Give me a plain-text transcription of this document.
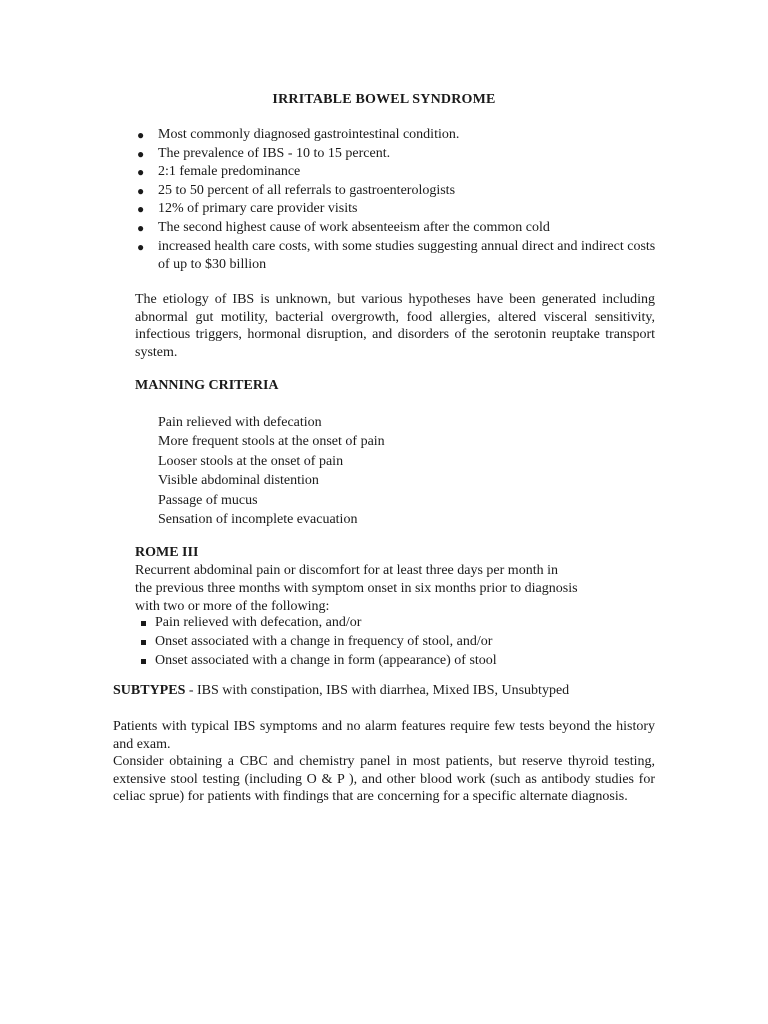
IRRITABLE BOWEL SYNDROME
● Most commonly diagnosed gastrointestinal condition.
● The prevalence of IBS - 10 to 15 percent.
● 2:1 female predominance
● 25 to 50 percent of all referrals to gastroenterologists
● 12% of primary care provider visits
● The second highest cause of work absenteeism after the common cold
● increased health care costs, with some studies suggesting annual direct and indirect costs of up to $30 billion

The etiology of IBS is unknown, but various hypotheses have been generated including abnormal gut motility, bacterial overgrowth, food allergies, altered visceral sensitivity, infectious triggers, hormonal disruption, and disorders of the serotonin reuptake transport system.

MANNING CRITERIA
Pain relieved with defecation
More frequent stools at the onset of pain
Looser stools at the onset of pain
Visible abdominal distention
Passage of mucus
Sensation of incomplete evacuation
ROME III
Recurrent abdominal pain or discomfort for at least three days per month in
the previous three months with symptom onset in six months prior to diagnosis
with two or more of the following:
Pain relieved with defecation, and/or
Onset associated with a change in frequency of stool, and/or
Onset associated with a change in form (appearance) of stool

SUBTYPES - IBS with constipation, IBS with diarrhea, Mixed IBS, Unsubtyped

Patients with typical IBS symptoms and no alarm features require few tests beyond the history and exam.

Consider obtaining a CBC and chemistry panel in most patients, but reserve thyroid testing, extensive stool testing (including O & P ), and other blood work (such as antibody studies for celiac sprue) for patients with findings that are concerning for a specific alternate diagnosis.
